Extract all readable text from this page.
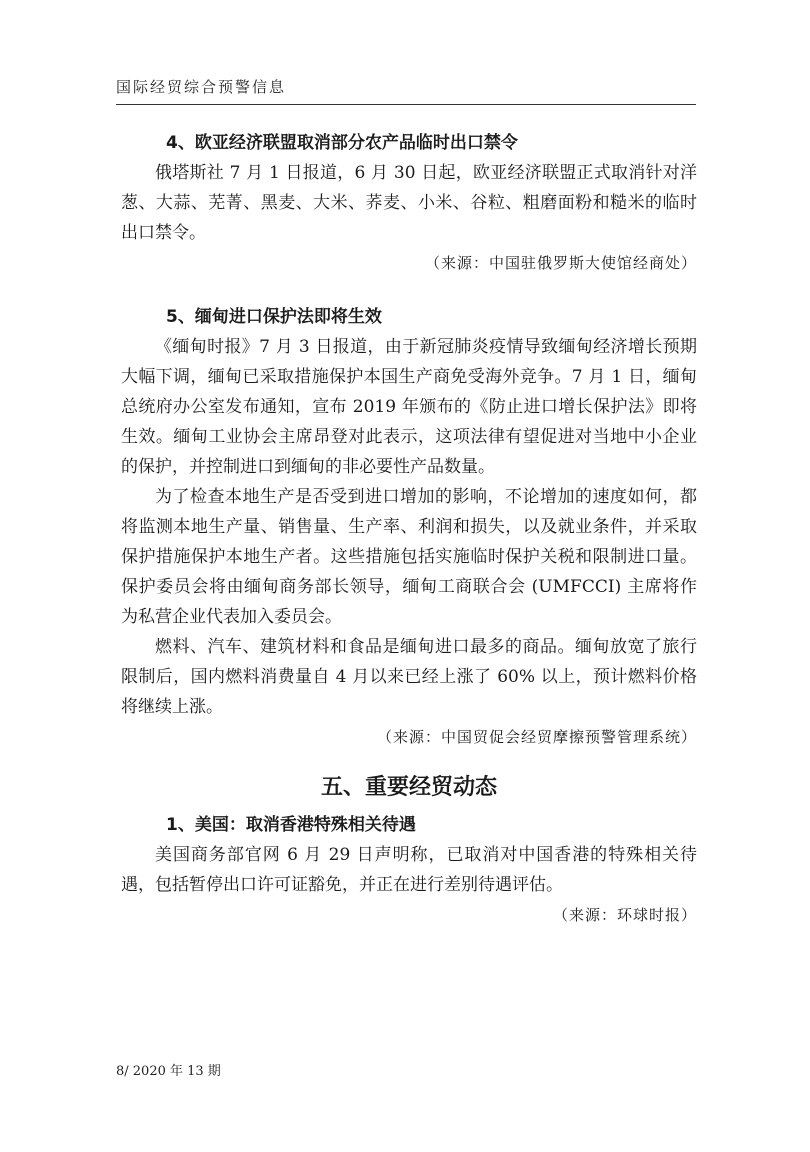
国际经贸综合预警信息

4、欧亚经济联盟取消部分农产品临时出口禁令

俄塔斯社 7 月 1 日报道，6 月 30 日起，欧亚经济联盟正式取消针对洋葱、大蒜、芜菁、黑麦、大米、荞麦、小米、谷粒、粗磨面粉和糙米的临时出口禁令。

（来源：中国驻俄罗斯大使馆经商处）

5、缅甸进口保护法即将生效

《缅甸时报》7 月 3 日报道，由于新冠肺炎疫情导致缅甸经济增长预期大幅下调，缅甸已采取措施保护本国生产商免受海外竞争。7 月 1 日，缅甸总统府办公室发布通知，宣布 2019 年颁布的《防止进口增长保护法》即将生效。缅甸工业协会主席昂登对此表示，这项法律有望促进对当地中小企业的保护，并控制进口到缅甸的非必要性产品数量。

为了检查本地生产是否受到进口增加的影响，不论增加的速度如何，都将监测本地生产量、销售量、生产率、利润和损失，以及就业条件，并采取保护措施保护本地生产者。这些措施包括实施临时保护关税和限制进口量。保护委员会将由缅甸商务部长领导，缅甸工商联合会 (UMFCCI) 主席将作为私营企业代表加入委员会。

燃料、汽车、建筑材料和食品是缅甸进口最多的商品。缅甸放宽了旅行限制后，国内燃料消费量自 4 月以来已经上涨了 60% 以上，预计燃料价格将继续上涨。

（来源：中国贸促会经贸摩擦预警管理系统）

五、重要经贸动态

1、美国：取消香港特殊相关待遇

美国商务部官网 6 月 29 日声明称，已取消对中国香港的特殊相关待遇，包括暂停出口许可证豁免，并正在进行差别待遇评估。

（来源：环球时报）

8/ 2020 年 13 期
